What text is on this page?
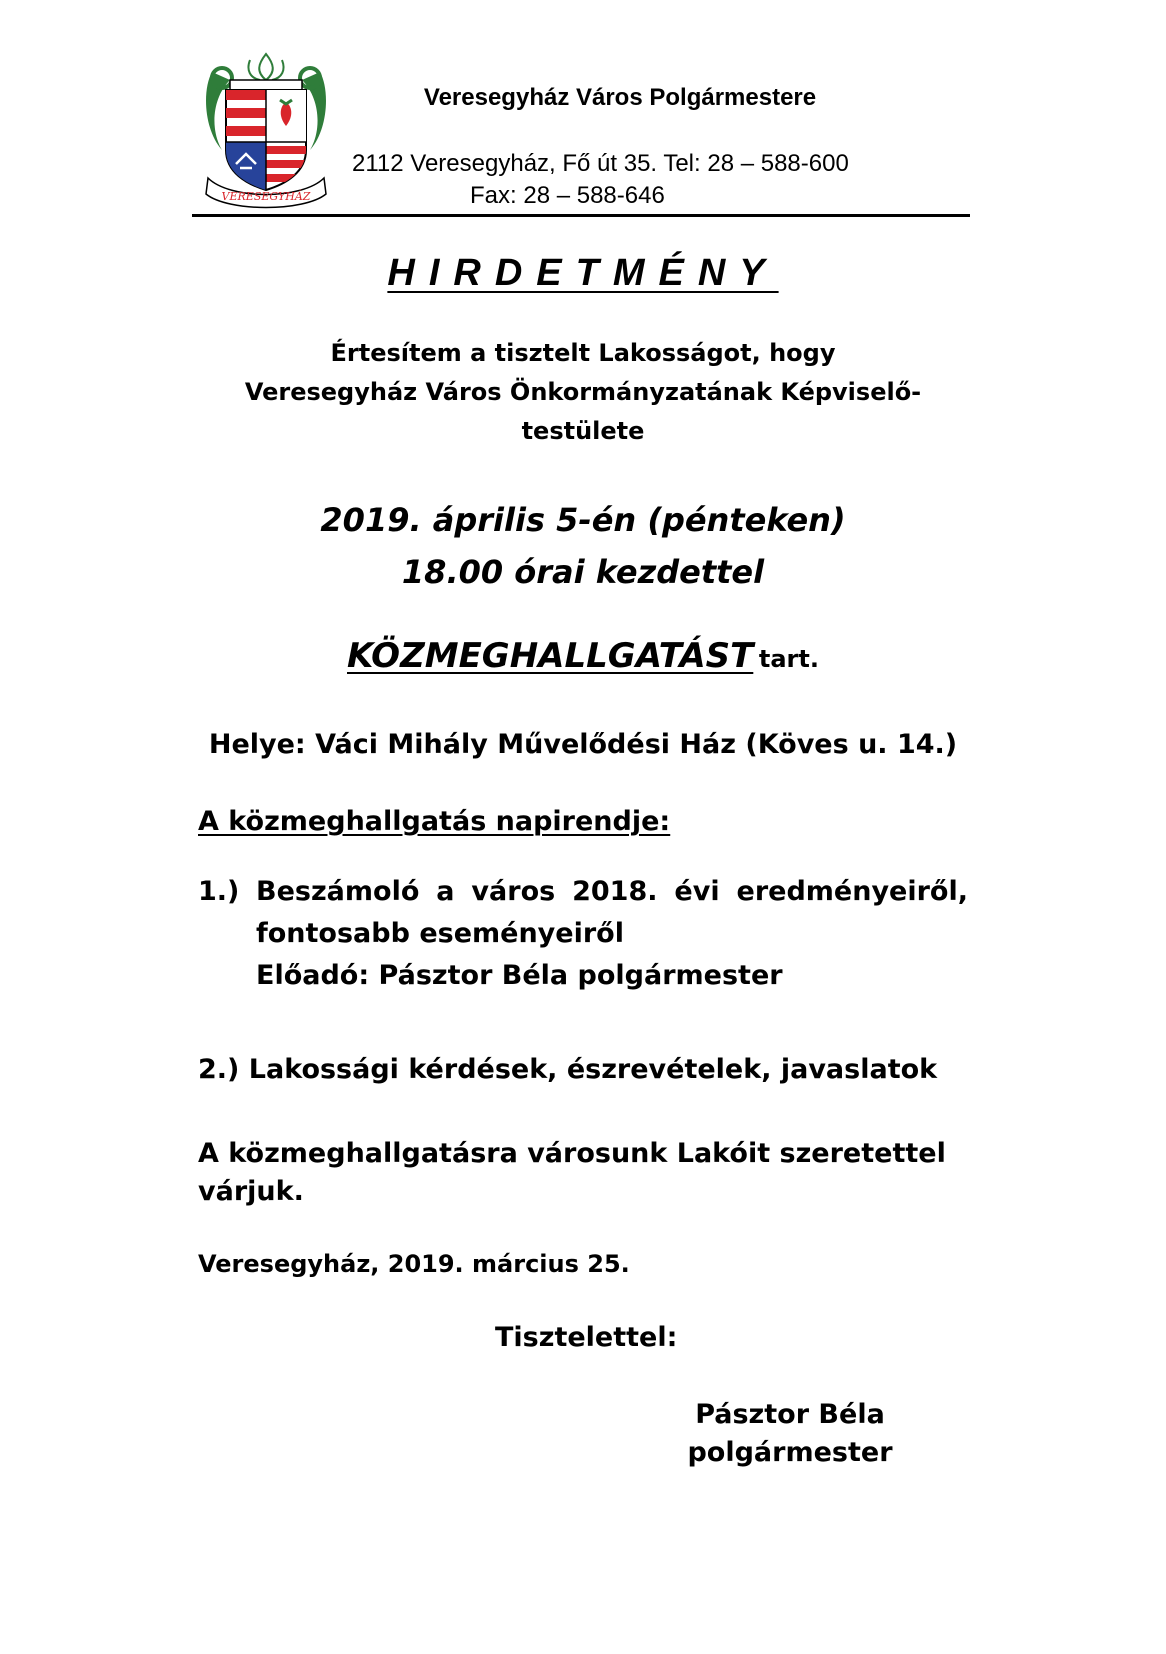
VERESEGYHÁZ
Veresegyház Város Polgármestere
2112 Veresegyház, Fő út 35. Tel: 28 – 588-600
Fax: 28 – 588-646
HIRDETMÉNY
Értesítem a tisztelt Lakosságot, hogy
Veresegyház Város Önkormányzatának Képviselő-
testülete
2019. április 5-én (pénteken)
18.00 órai kezdettel
KÖZMEGHALLGATÁST tart.
Helye: Váci Mihály Művelődési Ház (Köves u. 14.)
A közmeghallgatás napirendje:
1.) Beszámoló a város 2018. évi eredményeiről,
fontosabb eseményeiről
Előadó: Pásztor Béla polgármester
2.) Lakossági kérdések, észrevételek, javaslatok
A közmeghallgatásra városunk Lakóit szeretettel várjuk.
Veresegyház, 2019. március 25.
Tisztelettel:
Pásztor Béla
polgármester
